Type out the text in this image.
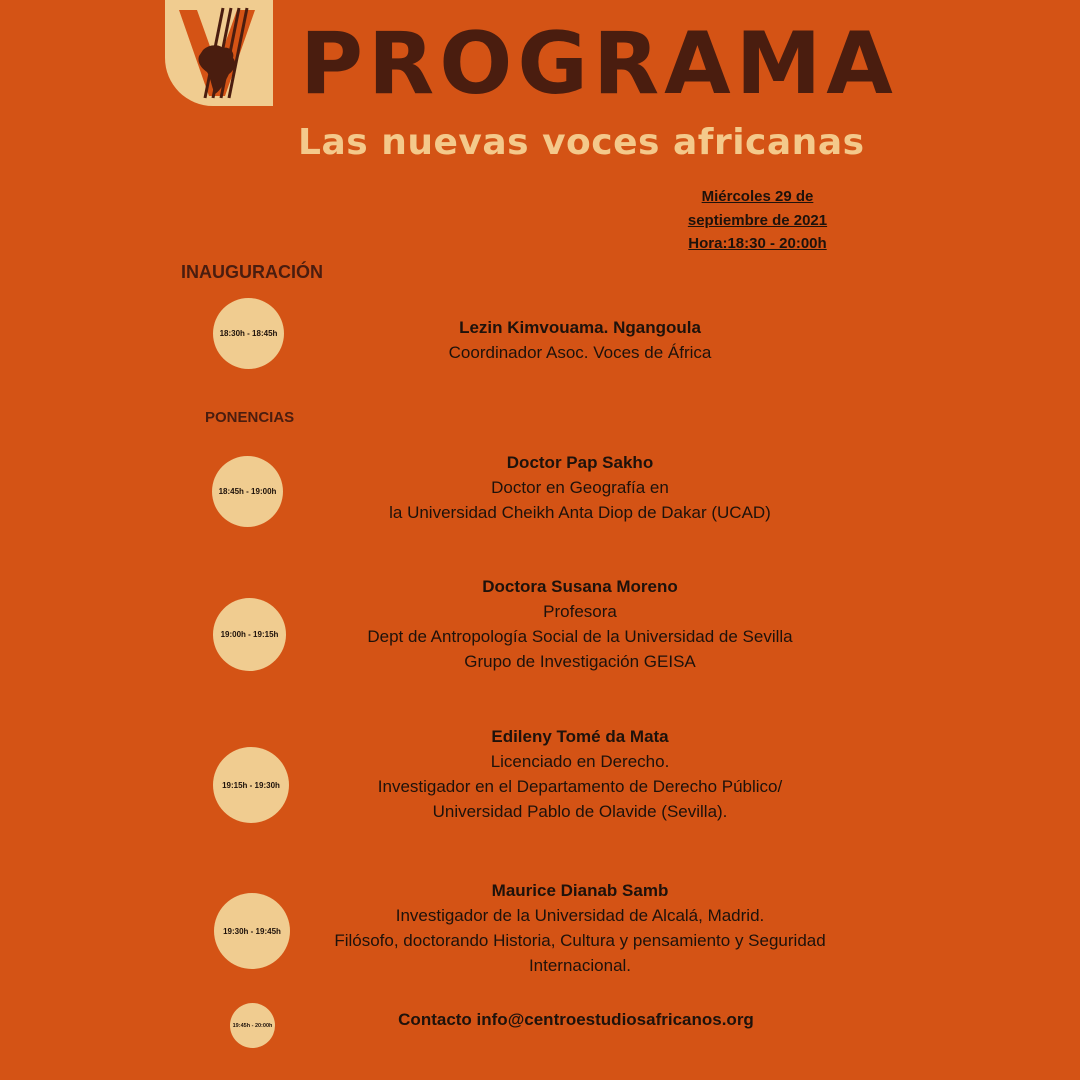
PROGRAMA
Las nuevas voces africanas
Miércoles 29 de
septiembre de 2021
Hora:18:30 - 20:00h
INAUGURACIÓN
PONENCIAS
18:30h - 18:45h	Lezin Kimvouama. Ngangoula
Coordinador Asoc. Voces de África
18:45h - 19:00h
Doctor Pap Sakho
Doctor en Geografía en
la Universidad Cheikh Anta Diop de Dakar (UCAD)
19:00h - 19:15h
Doctora Susana Moreno
Profesora
Dept de Antropología Social de la Universidad de Sevilla
Grupo de Investigación GEISA
19:15h - 19:30h
Edileny Tomé da Mata
Licenciado en Derecho.
Investigador en el Departamento de Derecho Público/
Universidad Pablo de Olavide (Sevilla).
19:30h - 19:45h
Maurice Dianab Samb
Investigador de la Universidad de Alcalá, Madrid.
Filósofo, doctorando Historia, Cultura y pensamiento y Seguridad
Internacional.
19:45h - 20:00h	Contacto info@centroestudiosafricanos.org
